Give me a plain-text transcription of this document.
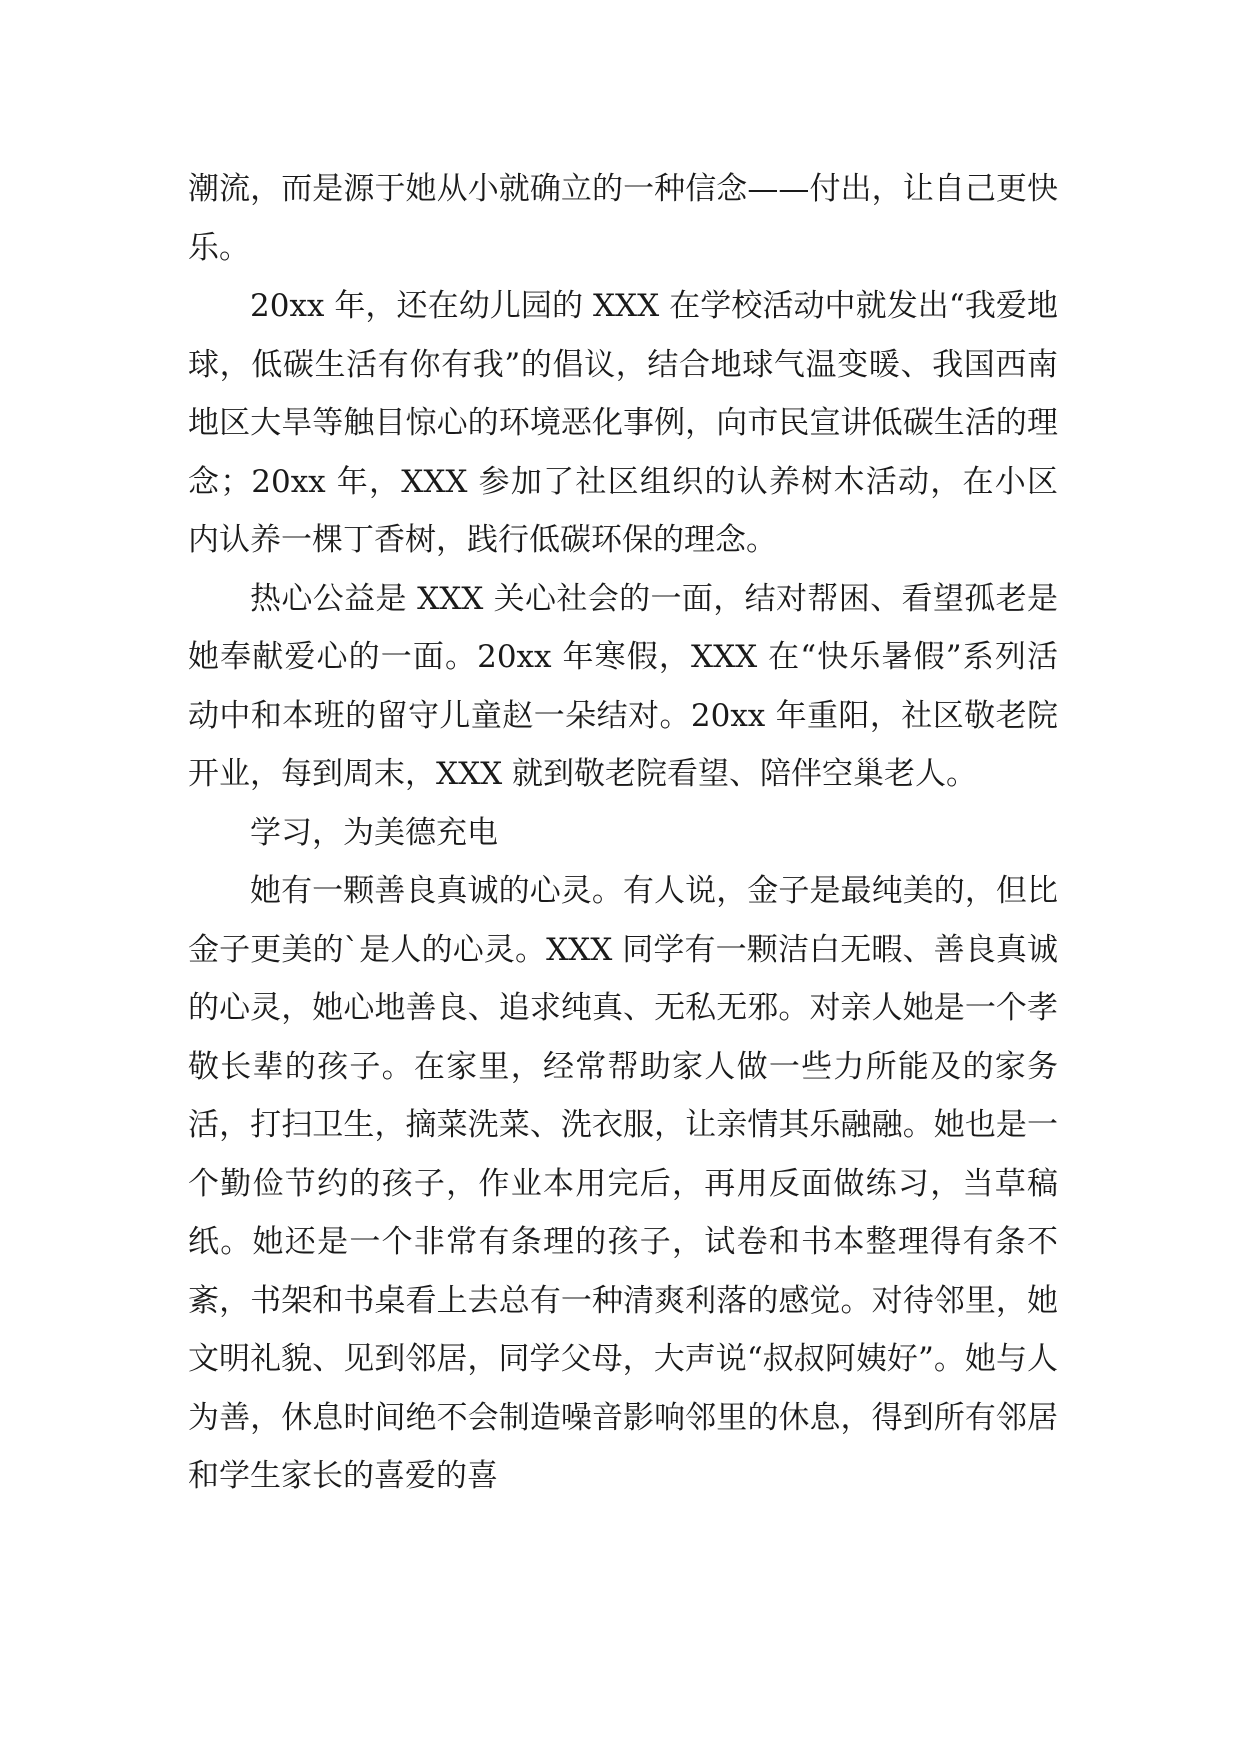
潮流，而是源于她从小就确立的一种信念——付出，让自己更快乐。

20xx 年，还在幼儿园的 XXX 在学校活动中就发出“我爱地球，低碳生活有你有我”的倡议，结合地球气温变暖、我国西南地区大旱等触目惊心的环境恶化事例，向市民宣讲低碳生活的理念；20xx 年，XXX 参加了社区组织的认养树木活动，在小区内认养一棵丁香树，践行低碳环保的理念。

热心公益是 XXX 关心社会的一面，结对帮困、看望孤老是她奉献爱心的一面。20xx 年寒假，XXX 在“快乐暑假”系列活动中和本班的留守儿童赵一朵结对。20xx 年重阳，社区敬老院开业，每到周末，XXX 就到敬老院看望、陪伴空巢老人。

学习，为美德充电

她有一颗善良真诚的心灵。有人说，金子是最纯美的，但比金子更美的`是人的心灵。XXX 同学有一颗洁白无暇、善良真诚的心灵，她心地善良、追求纯真、无私无邪。对亲人她是一个孝敬长辈的孩子。在家里，经常帮助家人做一些力所能及的家务活，打扫卫生，摘菜洗菜、洗衣服，让亲情其乐融融。她也是一个勤俭节约的孩子，作业本用完后，再用反面做练习，当草稿纸。她还是一个非常有条理的孩子，试卷和书本整理得有条不紊，书架和书桌看上去总有一种清爽利落的感觉。对待邻里，她文明礼貌、见到邻居，同学父母，大声说“叔叔阿姨好”。她与人为善，休息时间绝不会制造噪音影响邻里的休息，得到所有邻居和学生家长的喜爱的喜
